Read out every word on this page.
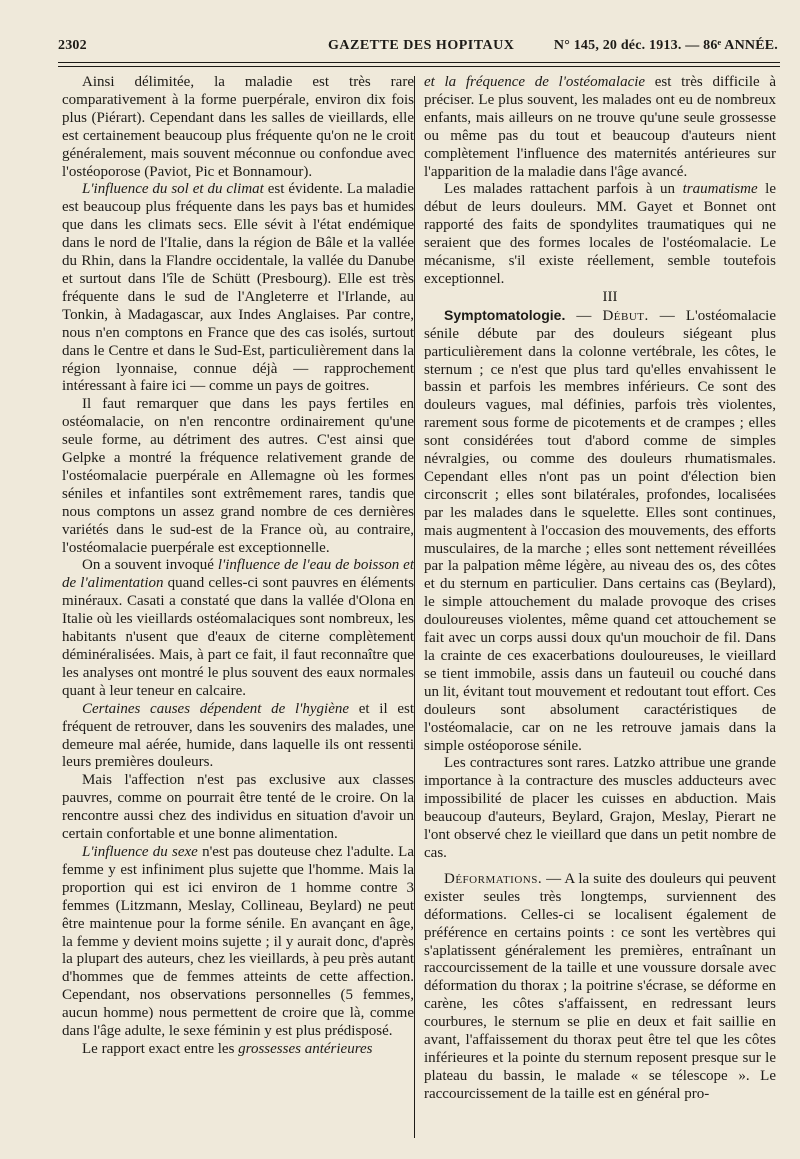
2302	GAZETTE DES HOPITAUX	N° 145, 20 déc. 1913. — 86ᵉ ANNÉE.

Ainsi délimitée, la maladie est très rare comparativement à la forme puerpérale, environ dix fois plus (Piérart). Cependant dans les salles de vieillards, elle est certainement beaucoup plus fréquente qu'on ne le croit généralement, mais souvent méconnue ou confondue avec l'ostéoporose (Paviot, Pic et Bonnamour).

L'influence du sol et du climat est évidente. La maladie est beaucoup plus fréquente dans les pays bas et humides que dans les climats secs. Elle sévit à l'état endémique dans le nord de l'Italie, dans la région de Bâle et la vallée du Rhin, dans la Flandre occidentale, la vallée du Danube et surtout dans l'île de Schütt (Presbourg). Elle est très fréquente dans le sud de l'Angleterre et l'Irlande, au Tonkin, à Madagascar, aux Indes Anglaises. Par contre, nous n'en comptons en France que des cas isolés, surtout dans le Centre et dans le Sud-Est, particulièrement dans la région lyonnaise, connue déjà — rapprochement intéressant à faire ici — comme un pays de goitres.

Il faut remarquer que dans les pays fertiles en ostéomalacie, on n'en rencontre ordinairement qu'une seule forme, au détriment des autres. C'est ainsi que Gelpke a montré la fréquence relativement grande de l'ostéomalacie puerpérale en Allemagne où les formes séniles et infantiles sont extrêmement rares, tandis que nous comptons un assez grand nombre de ces dernières variétés dans le sud-est de la France où, au contraire, l'ostéomalacie puerpérale est exceptionnelle.

On a souvent invoqué l'influence de l'eau de boisson et de l'alimentation quand celles-ci sont pauvres en éléments minéraux. Casati a constaté que dans la vallée d'Olona en Italie où les vieillards ostéomalaciques sont nombreux, les habitants n'usent que d'eaux de citerne complètement déminéralisées. Mais, à part ce fait, il faut reconnaître que les analyses ont montré le plus souvent des eaux normales quant à leur teneur en calcaire.

Certaines causes dépendent de l'hygiène et il est fréquent de retrouver, dans les souvenirs des malades, une demeure mal aérée, humide, dans laquelle ils ont ressenti leurs premières douleurs.

Mais l'affection n'est pas exclusive aux classes pauvres, comme on pourrait être tenté de le croire. On la rencontre aussi chez des individus en situation d'avoir un certain confortable et une bonne alimentation.

L'influence du sexe n'est pas douteuse chez l'adulte. La femme y est infiniment plus sujette que l'homme. Mais la proportion qui est ici environ de 1 homme contre 3 femmes (Litzmann, Meslay, Collineau, Beylard) ne peut être maintenue pour la forme sénile. En avançant en âge, la femme y devient moins sujette ; il y aurait donc, d'après la plupart des auteurs, chez les vieillards, à peu près autant d'hommes que de femmes atteints de cette affection. Cependant, nos observations personnelles (5 femmes, aucun homme) nous permettent de croire que là, comme dans l'âge adulte, le sexe féminin y est plus prédisposé.

Le rapport exact entre les grossesses antérieures

et la fréquence de l'ostéomalacie est très difficile à préciser. Le plus souvent, les malades ont eu de nombreux enfants, mais ailleurs on ne trouve qu'une seule grossesse ou même pas du tout et beaucoup d'auteurs nient complètement l'influence des maternités antérieures sur l'apparition de la maladie dans l'âge avancé.

Les malades rattachent parfois à un traumatisme le début de leurs douleurs. MM. Gayet et Bonnet ont rapporté des faits de spondylites traumatiques qui ne seraient que des formes locales de l'ostéomalacie. Le mécanisme, s'il existe réellement, semble toutefois exceptionnel.

III

Symptomatologie. — Début. — L'ostéomalacie sénile débute par des douleurs siégeant plus particulièrement dans la colonne vertébrale, les côtes, le sternum ; ce n'est que plus tard qu'elles envahissent le bassin et parfois les membres inférieurs. Ce sont des douleurs vagues, mal définies, parfois très violentes, rarement sous forme de picotements et de crampes ; elles sont considérées tout d'abord comme de simples névralgies, ou comme des douleurs rhumatismales. Cependant elles n'ont pas un point d'élection bien circonscrit ; elles sont bilatérales, profondes, localisées par les malades dans le squelette. Elles sont continues, mais augmentent à l'occasion des mouvements, des efforts musculaires, de la marche ; elles sont nettement réveillées par la palpation même légère, au niveau des os, des côtes et du sternum en particulier. Dans certains cas (Beylard), le simple attouchement du malade provoque des crises douloureuses violentes, même quand cet attouchement se fait avec un corps aussi doux qu'un mouchoir de fil. Dans la crainte de ces exacerbations douloureuses, le vieillard se tient immobile, assis dans un fauteuil ou couché dans un lit, évitant tout mouvement et redoutant tout effort. Ces douleurs sont absolument caractéristiques de l'ostéomalacie, car on ne les retrouve jamais dans la simple ostéoporose sénile.

Les contractures sont rares. Latzko attribue une grande importance à la contracture des muscles adducteurs avec impossibilité de placer les cuisses en abduction. Mais beaucoup d'auteurs, Beylard, Grajon, Meslay, Pierart ne l'ont observé chez le vieillard que dans un petit nombre de cas.

Déformations. — A la suite des douleurs qui peuvent exister seules très longtemps, surviennent des déformations. Celles-ci se localisent également de préférence en certains points : ce sont les vertèbres qui s'aplatissent généralement les premières, entraînant un raccourcissement de la taille et une voussure dorsale avec déformation du thorax ; la poitrine s'écrase, se déforme en carène, les côtes s'affaissent, en redressant leurs courbures, le sternum se plie en deux et fait saillie en avant, l'affaissement du thorax peut être tel que les côtes inférieures et la pointe du sternum reposent presque sur le plateau du bassin, le malade « se télescope ». Le raccourcissement de la taille est en général pro-
